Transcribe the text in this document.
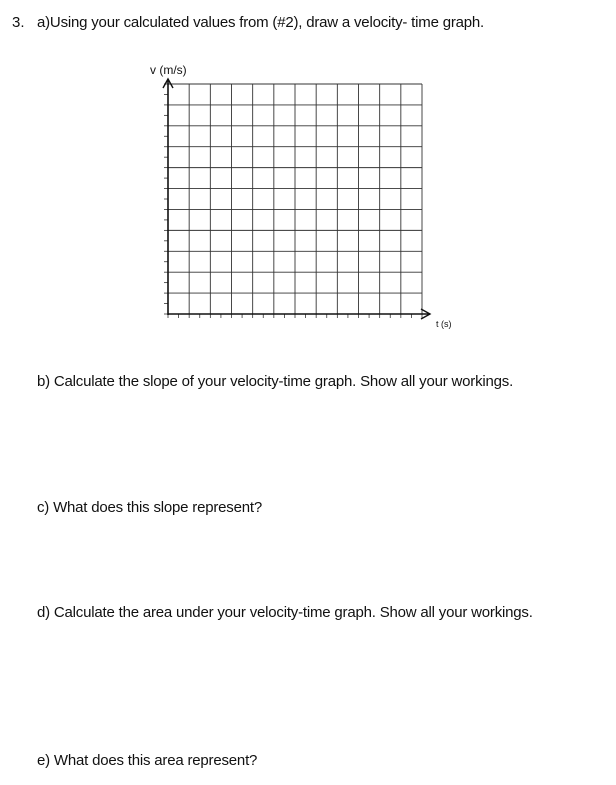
3. a)Using your calculated values from (#2), draw a velocity- time graph.
v (m/s)
t (s)
b) Calculate the slope of your velocity-time graph. Show all your workings.
c) What does this slope represent?
d) Calculate the area under your velocity-time graph. Show all your workings.
e) What does this area represent?
